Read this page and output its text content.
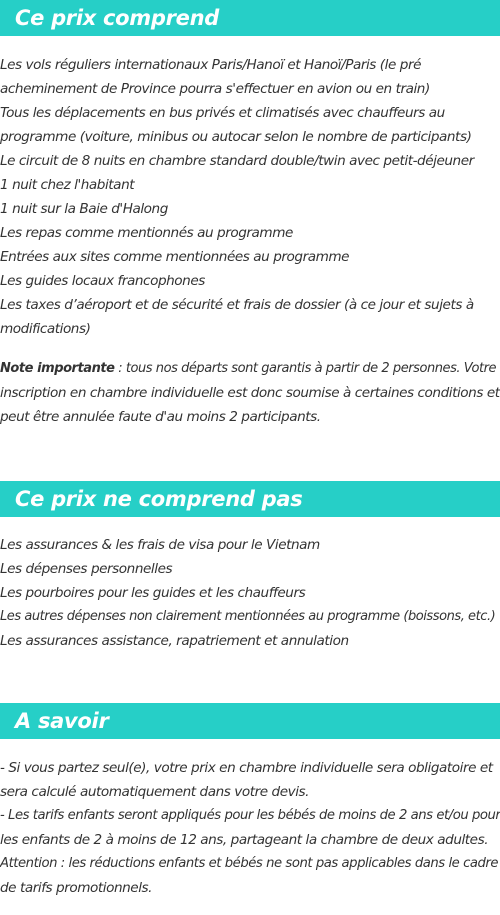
Ce prix comprend
Les vols réguliers internationaux Paris/Hanoï et Hanoï/Paris (le pré
acheminement de Province pourra s'effectuer en avion ou en train)
Tous les déplacements en bus privés et climatisés avec chauffeurs au
programme (voiture, minibus ou autocar selon le nombre de participants)
Le circuit de 8 nuits en chambre standard double/twin avec petit-déjeuner
1 nuit chez l'habitant
1 nuit sur la Baie d'Halong
Les repas comme mentionnés au programme
Entrées aux sites comme mentionnées au programme
Les guides locaux francophones
Les taxes d’aéroport et de sécurité et frais de dossier (à ce jour et sujets à
modifications)
Note importante : tous nos départs sont garantis à partir de 2 personnes. Votre
inscription en chambre individuelle est donc soumise à certaines conditions et
peut être annulée faute d'au moins 2 participants.
Ce prix ne comprend pas
Les assurances & les frais de visa pour le Vietnam
Les dépenses personnelles
Les pourboires pour les guides et les chauffeurs
Les autres dépenses non clairement mentionnées au programme (boissons, etc.)
Les assurances assistance, rapatriement et annulation
A savoir
- Si vous partez seul(e), votre prix en chambre individuelle sera obligatoire et
sera calculé automatiquement dans votre devis.
- Les tarifs enfants seront appliqués pour les bébés de moins de 2 ans et/ou pour
les enfants de 2 à moins de 12 ans, partageant la chambre de deux adultes.
Attention : les réductions enfants et bébés ne sont pas applicables dans le cadre
de tarifs promotionnels.
